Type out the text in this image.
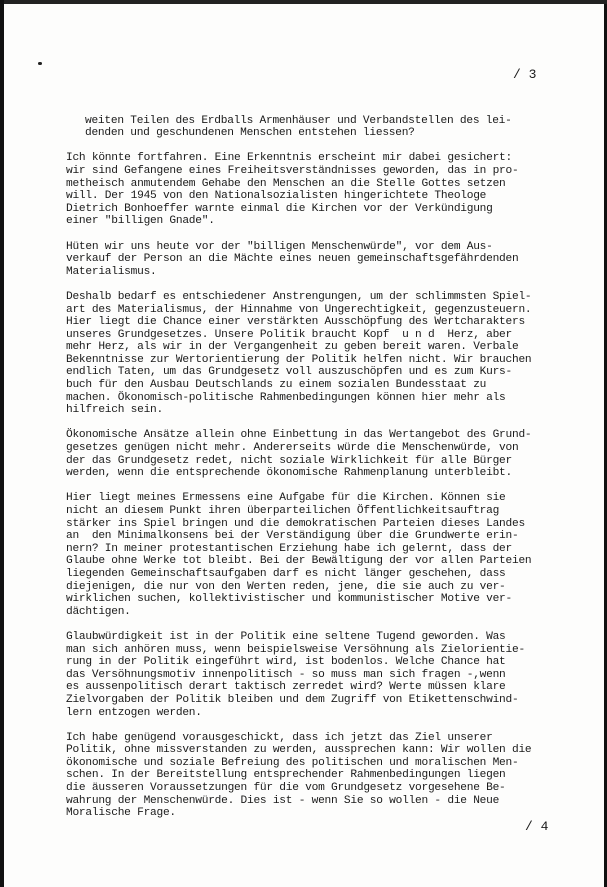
/ 3

weiten Teilen des Erdballs Armenhäuser und Verbandstellen des lei-
denden und geschundenen Menschen entstehen liessen?

Ich könnte fortfahren. Eine Erkenntnis erscheint mir dabei gesichert:
wir sind Gefangene eines Freiheitsverständnisses geworden, das in pro-
metheisch anmutendem Gehabe den Menschen an die Stelle Gottes setzen
will. Der 1945 von den Nationalsozialisten hingerichtete Theologe
Dietrich Bonhoeffer warnte einmal die Kirchen vor der Verkündigung
einer "billigen Gnade".

Hüten wir uns heute vor der "billigen Menschenwürde", vor dem Aus-
verkauf der Person an die Mächte eines neuen gemeinschaftsgefährdenden
Materialismus.

Deshalb bedarf es entschiedener Anstrengungen, um der schlimmsten Spiel-
art des Materialismus, der Hinnahme von Ungerechtigkeit, gegenzusteuern.
Hier liegt die Chance einer verstärkten Ausschöpfung des Wertcharakters
unseres Grundgesetzes. Unsere Politik braucht Kopf  u n d  Herz, aber
mehr Herz, als wir in der Vergangenheit zu geben bereit waren. Verbale
Bekenntnisse zur Wertorientierung der Politik helfen nicht. Wir brauchen
endlich Taten, um das Grundgesetz voll auszuschöpfen und es zum Kurs-
buch für den Ausbau Deutschlands zu einem sozialen Bundesstaat zu
machen. Ökonomisch-politische Rahmenbedingungen können hier mehr als
hilfreich sein.

Ökonomische Ansätze allein ohne Einbettung in das Wertangebot des Grund-
gesetzes genügen nicht mehr. Andererseits würde die Menschenwürde, von
der das Grundgesetz redet, nicht soziale Wirklichkeit für alle Bürger
werden, wenn die entsprechende ökonomische Rahmenplanung unterbleibt.

Hier liegt meines Ermessens eine Aufgabe für die Kirchen. Können sie
nicht an diesem Punkt ihren überparteilichen Öffentlichkeitsauftrag
stärker ins Spiel bringen und die demokratischen Parteien dieses Landes
an  den Minimalkonsens bei der Verständigung über die Grundwerte erin-
nern? In meiner protestantischen Erziehung habe ich gelernt, dass der
Glaube ohne Werke tot bleibt. Bei der Bewältigung der vor allen Parteien
liegenden Gemeinschaftsaufgaben darf es nicht länger geschehen, dass
diejenigen, die nur von den Werten reden, jene, die sie auch zu ver-
wirklichen suchen, kollektivistischer und kommunistischer Motive ver-
dächtigen.

Glaubwürdigkeit ist in der Politik eine seltene Tugend geworden. Was
man sich anhören muss, wenn beispielsweise Versöhnung als Zielorientie-
rung in der Politik eingeführt wird, ist bodenlos. Welche Chance hat
das Versöhnungsmotiv innenpolitisch - so muss man sich fragen -,wenn
es aussenpolitisch derart taktisch zerredet wird? Werte müssen klare
Zielvorgaben der Politik bleiben und dem Zugriff von Etikettenschwind-
lern entzogen werden.

Ich habe genügend vorausgeschickt, dass ich jetzt das Ziel unserer
Politik, ohne missverstanden zu werden, aussprechen kann: Wir wollen die
ökonomische und soziale Befreiung des politischen und moralischen Men-
schen. In der Bereitstellung entsprechender Rahmenbedingungen liegen
die äusseren Voraussetzungen für die vom Grundgesetz vorgesehene Be-
wahrung der Menschenwürde. Dies ist - wenn Sie so wollen - die Neue
Moralische Frage.

/ 4
